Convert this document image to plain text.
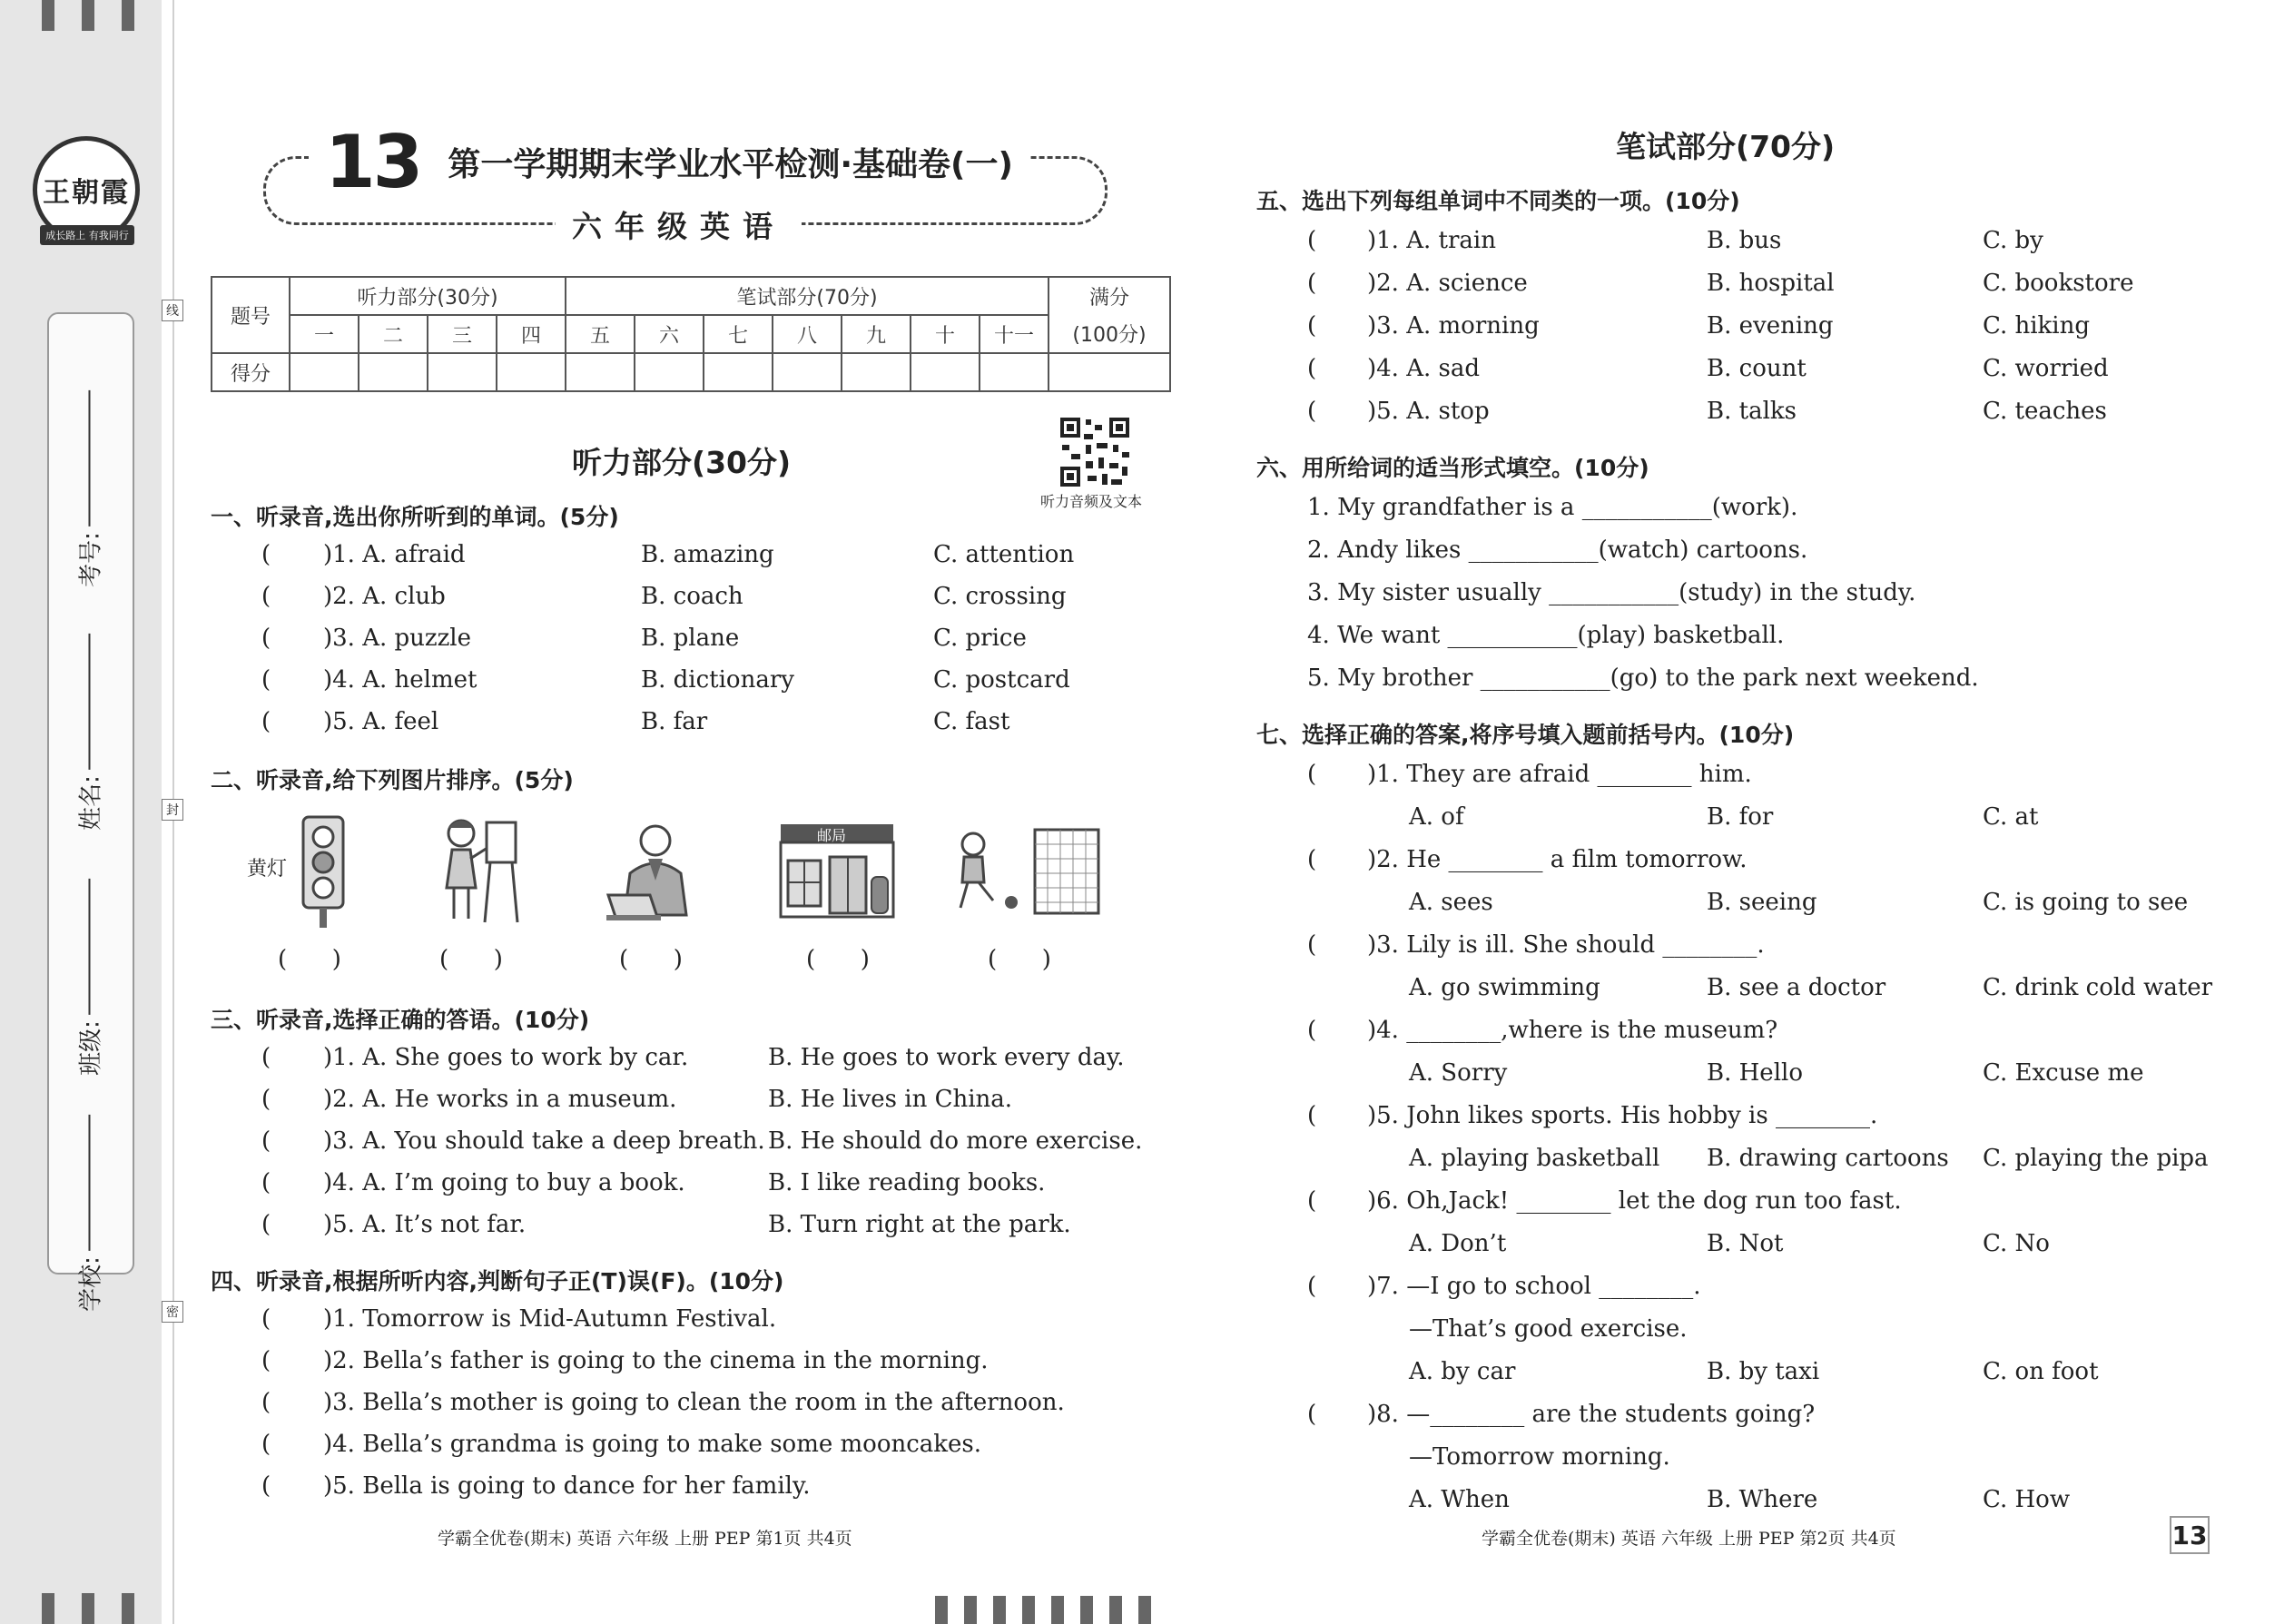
王朝霞
成长路上 有我同行
考号:
姓名:
班级:
学校:
线
封
密
13 第一学期期末学业水平检测·基础卷(一)
六年级英语
题号	听力部分(30分)				笔试部分(70分)							满分
	一	二	三	四	五	六	七	八	九	十	十一	(100分)
得分												
听力部分(30分)
听力音频及文本
一、听录音,选出你所听到的单词。(5分)
( )1. A. afraid	B. amazing	C. attention
( )2. A. club	B. coach	C. crossing
( )3. A. puzzle	B. plane	C. price
( )4. A. helmet	B. dictionary	C. postcard
( )5. A. feel	B. far	C. fast
二、听录音,给下列图片排序。(5分)
黄灯
邮局
(      )	(      )	(      )	(      )	(      )
三、听录音,选择正确的答语。(10分)
( )1. A. She goes to work by car.	B. He goes to work every day.
( )2. A. He works in a museum.	B. He lives in China.
( )3. A. You should take a deep breath. B. He should do more exercise.
( )4. A. I’m going to buy a book.	B. I like reading books.
( )5. A. It’s not far.	B. Turn right at the park.
四、听录音,根据所听内容,判断句子正(T)误(F)。(10分)
( )1. Tomorrow is Mid-Autumn Festival.
( )2. Bella’s father is going to the cinema in the morning.
( )3. Bella’s mother is going to clean the room in the afternoon.
( )4. Bella’s grandma is going to make some mooncakes.
( )5. Bella is going to dance for her family.
笔试部分(70分)
五、选出下列每组单词中不同类的一项。(10分)
( )1. A. train	B. bus	C. by
( )2. A. science	B. hospital	C. bookstore
( )3. A. morning	B. evening	C. hiking
( )4. A. sad	B. count	C. worried
( )5. A. stop	B. talks	C. teaches
六、用所给词的适当形式填空。(10分)
1. My grandfather is a ___________(work).
2. Andy likes ___________(watch) cartoons.
3. My sister usually ___________(study) in the study.
4. We want ___________(play) basketball.
5. My brother ___________(go) to the park next weekend.
七、选择正确的答案,将序号填入题前括号内。(10分)
( )1. They are afraid ________ him.
A. of	B. for	C. at
( )2. He ________ a film tomorrow.
A. sees	B. seeing	C. is going to see
( )3. Lily is ill. She should ________.
A. go swimming	B. see a doctor	C. drink cold water
( )4. ________,where is the museum?
A. Sorry	B. Hello	C. Excuse me
( )5. John likes sports. His hobby is ________.
A. playing basketball B. drawing cartoons C. playing the pipa
( )6. Oh,Jack! ________ let the dog run too fast.
A. Don’t	B. Not	C. No
( )7. —I go to school ________.
—That’s good exercise.
A. by car	B. by taxi	C. on foot
( )8. —________ are the students going?
—Tomorrow morning.
A. When	B. Where	C. How
学霸全优卷(期末) 英语 六年级 上册 PEP 第1页 共4页	学霸全优卷(期末) 英语 六年级 上册 PEP 第2页 共4页	13
